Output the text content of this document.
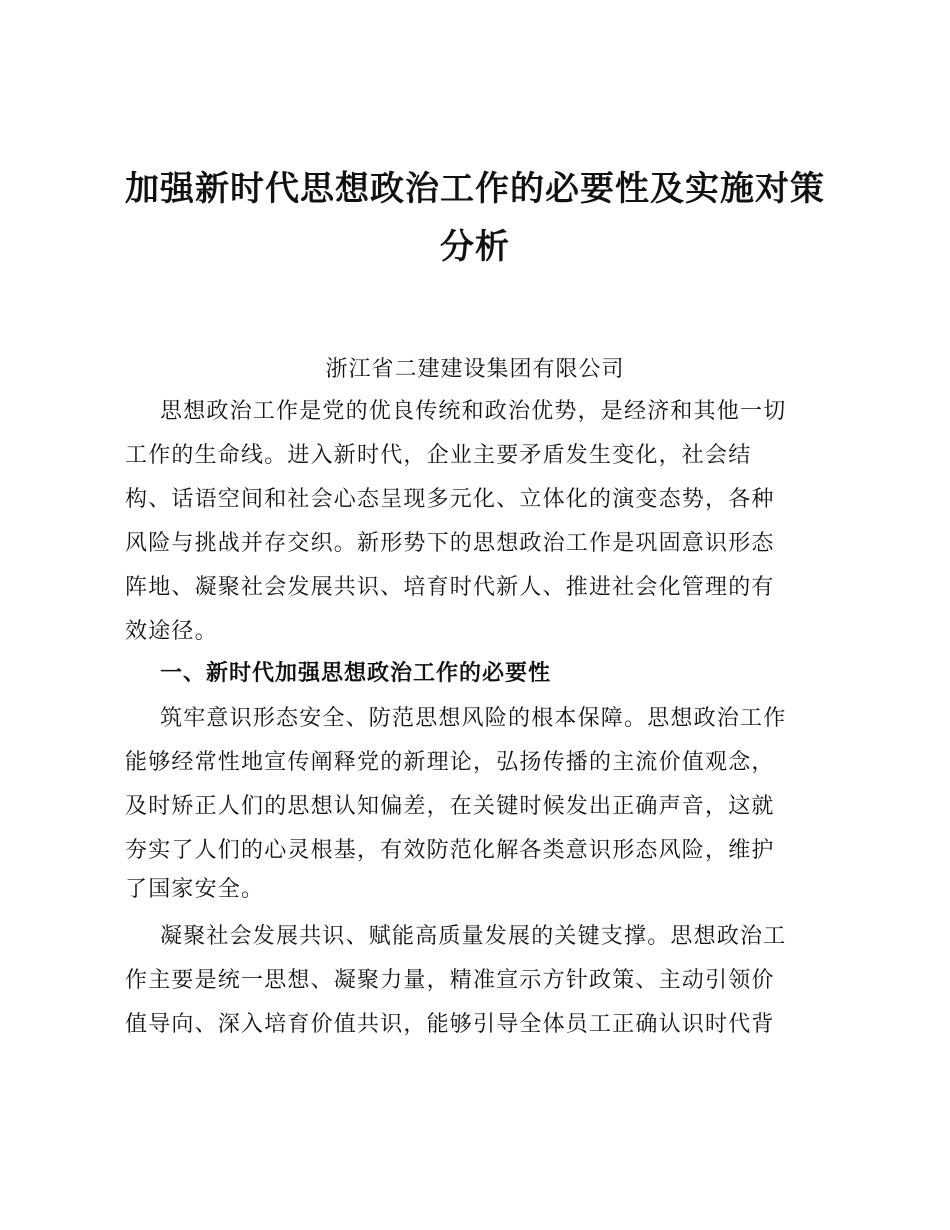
加强新时代思想政治工作的必要性及实施对策
分析
浙江省二建建设集团有限公司

思想政治工作是党的优良传统和政治优势，是经济和其他一切

工作的生命线。进入新时代，企业主要矛盾发生变化，社会结

构、话语空间和社会心态呈现多元化、立体化的演变态势，各种

风险与挑战并存交织。新形势下的思想政治工作是巩固意识形态

阵地、凝聚社会发展共识、培育时代新人、推进社会化管理的有

效途径。

一、新时代加强思想政治工作的必要性

筑牢意识形态安全、防范思想风险的根本保障。思想政治工作

能够经常性地宣传阐释党的新理论，弘扬传播的主流价值观念，

及时矫正人们的思想认知偏差，在关键时候发出正确声音，这就

夯实了人们的心灵根基，有效防范化解各类意识形态风险，维护

了国家安全。

凝聚社会发展共识、赋能高质量发展的关键支撑。思想政治工

作主要是统一思想、凝聚力量，精准宣示方针政策、主动引领价

值导向、深入培育价值共识，能够引导全体员工正确认识时代背
